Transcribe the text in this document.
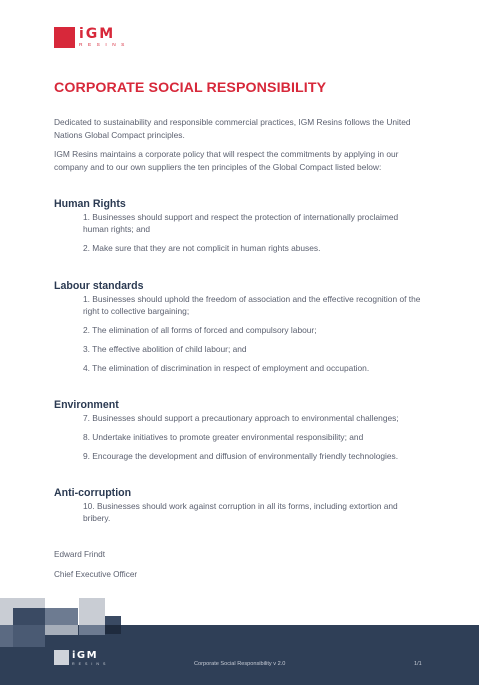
iGM
RESINS
CORPORATE SOCIAL RESPONSIBILITY
Dedicated to sustainability and responsible commercial practices, IGM Resins follows the United Nations Global Compact principles.
IGM Resins maintains a corporate policy that will respect the commitments by applying in our company and to our own suppliers the ten principles of the Global Compact listed below:
Human Rights
1. Businesses should support and respect the protection of internationally proclaimed human rights; and
2. Make sure that they are not complicit in human rights abuses.
Labour standards
1. Businesses should uphold the freedom of association and the effective recognition of the right to collective bargaining;
2. The elimination of all forms of forced and compulsory labour;
3. The effective abolition of child labour; and
4. The elimination of discrimination in respect of employment and occupation.
Environment
7. Businesses should support a precautionary approach to environmental challenges;
8. Undertake initiatives to promote greater environmental responsibility; and
9. Encourage the development and diffusion of environmentally friendly technologies.
Anti-corruption
10. Businesses should work against corruption in all its forms, including extortion and bribery.
Edward Frindt
Chief Executive Officer
iGM
RESINS	Corporate Social Responsibility v 2.0	1/1
